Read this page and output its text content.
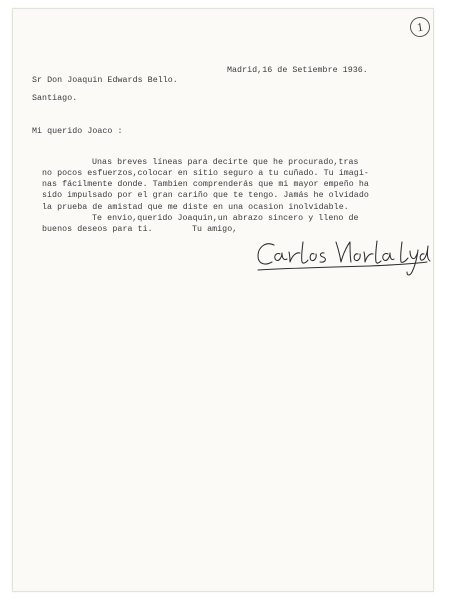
1
Madrid,16 de Setiembre 1936.
Sr Don Joaquin Edwards Bello.
Santiago.
Mi querido Joaco :
Unas breves líneas para decirte que he procurado,tras
no pocos esfuerzos,colocar en sitio seguro a tu cuñado. Tu imagi-
nas fácilmente donde. Tambien comprenderás que mi mayor empeño ha
sido impulsado por el gran cariño que te tengo. Jamás he olvidado
la prueba de amistad que me diste en una ocasion inolvidable.
Te envio,querido Joaquin,un abrazo sincero y lleno de
buenos deseos para ti.	Tu amigo,
